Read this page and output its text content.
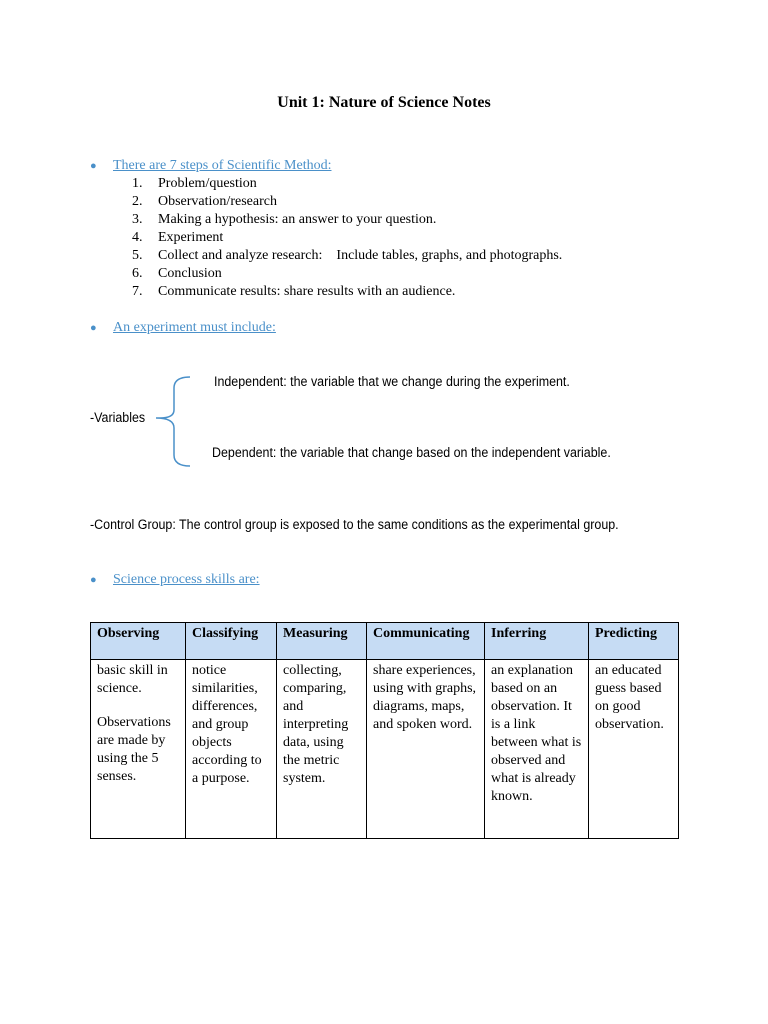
Unit 1: Nature of Science Notes
● There are 7 steps of Scientific Method:
1. Problem/question
2. Observation/research
3. Making a hypothesis: an answer to your question.
4. Experiment
5. Collect and analyze research:    Include tables, graphs, and photographs.
6. Conclusion
7. Communicate results: share results with an audience.
● An experiment must include:
Independent: the variable that we change during the experiment.
-Variables
Dependent: the variable that change based on the independent variable.
-Control Group: The control group is exposed to the same conditions as the experimental group.
● Science process skills are:
Observing	Classifying	Measuring	Communicating	Inferring	Predicting

basic skill in science.
Observations are made by using the 5 senses.	notice similarities, differences, and group objects according to a purpose.	collecting, comparing, and interpreting data, using the metric system.	share experiences, using with graphs, diagrams, maps, and spoken word.	an explanation based on an observation. It is a link between what is observed and what is already known.	an educated guess based on good observation.
